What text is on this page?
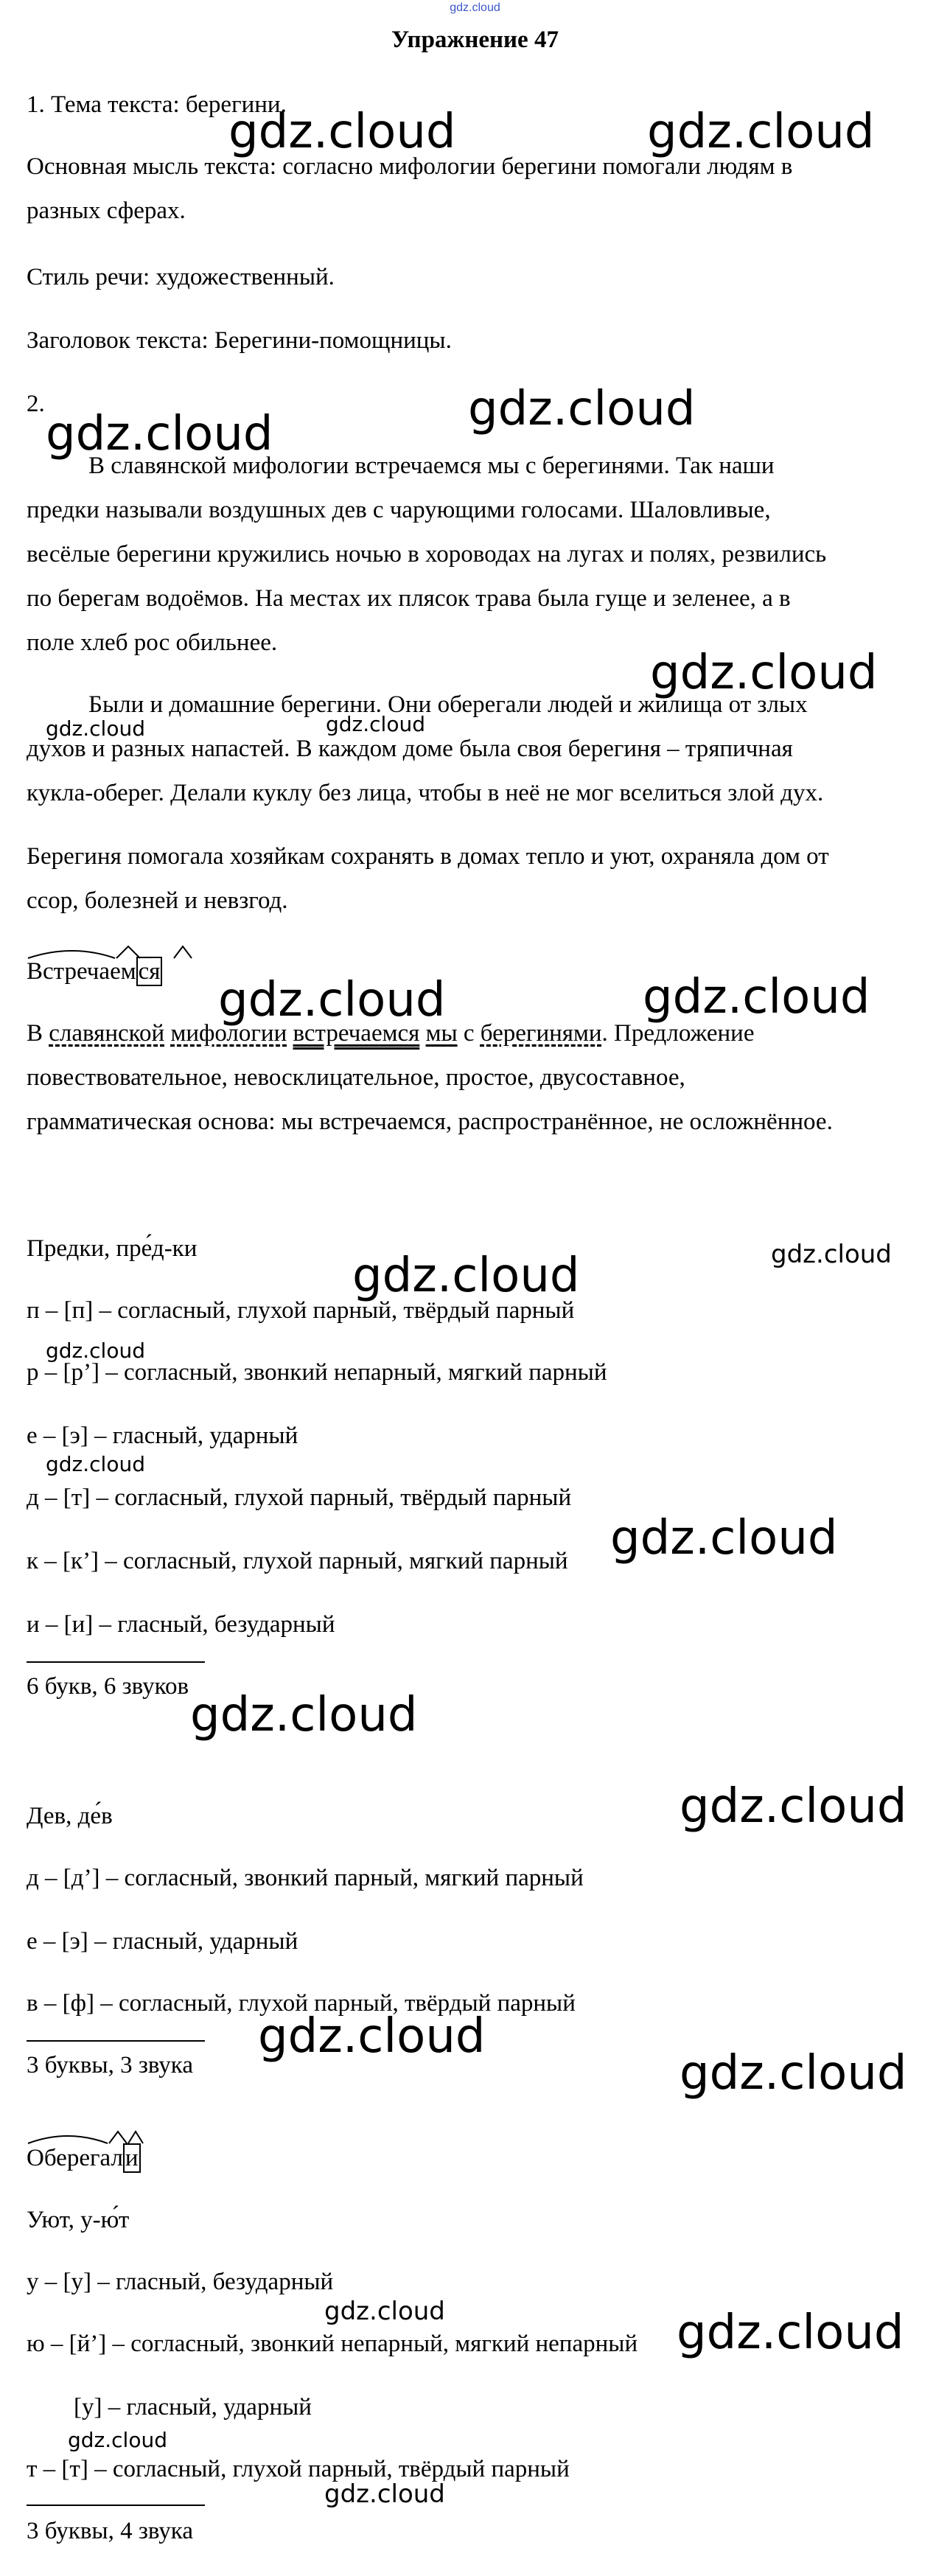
gdz.cloud
Упражнение 47
1. Тема текста: берегини.
Основная мысль текста: согласно мифологии берегини помогали людям в
разных сферах.
Стиль речи: художественный.
Заголовок текста: Берегини-помощницы.
2.
В славянской мифологии встречаемся мы с берегинями. Так наши
предки называли воздушных дев с чарующими голосами. Шаловливые,
весёлые берегини кружились ночью в хороводах на лугах и полях, резвились
по берегам водоёмов. На местах их плясок трава была гуще и зеленее, а в
поле хлеб рос обильнее.
Были и домашние берегини. Они оберегали людей и жилища от злых
духов и разных напастей. В каждом доме была своя берегиня – тряпичная
кукла-оберег. Делали куклу без лица, чтобы в неё не мог вселиться злой дух.
Берегиня помогала хозяйкам сохранять в домах тепло и уют, охраняла дом от
ссор, болезней и невзгод.
Встречаемся
В славянской мифологии встречаемся мы с берегинями. Предложение
повествовательное, невосклицательное, простое, двусоставное,
грамматическая основа: мы встречаемся, распространённое, не осложнённое.
Предки, пре́д-ки
п – [п] – согласный, глухой парный, твёрдый парный
р – [р’] – согласный, звонкий непарный, мягкий парный
е – [э] – гласный, ударный
д – [т] – согласный, глухой парный, твёрдый парный
к – [к’] – согласный, глухой парный, мягкий парный
и – [и] – гласный, безударный
6 букв, 6 звуков
Дев, де́в
д – [д’] – согласный, звонкий парный, мягкий парный
е – [э] – гласный, ударный
в – [ф] – согласный, глухой парный, твёрдый парный
3 буквы, 3 звука
Оберегали
Уют, у-ю́т
у – [у] – гласный, безударный
ю – [й’] – согласный, звонкий непарный, мягкий непарный
[у] – гласный, ударный
т – [т] – согласный, глухой парный, твёрдый парный
3 буквы, 4 звука
gdz.cloud	gdz.cloud
gdz.cloud
gdz.cloud
gdz.cloud
gdz.cloud	gdz.cloud
gdz.cloud	gdz.cloud
gdz.cloud	gdz.cloud
gdz.cloud
gdz.cloud
gdz.cloud
gdz.cloud
gdz.cloud
gdz.cloud
gdz.cloud
gdz.cloud	gdz.cloud
gdz.cloud
gdz.cloud
